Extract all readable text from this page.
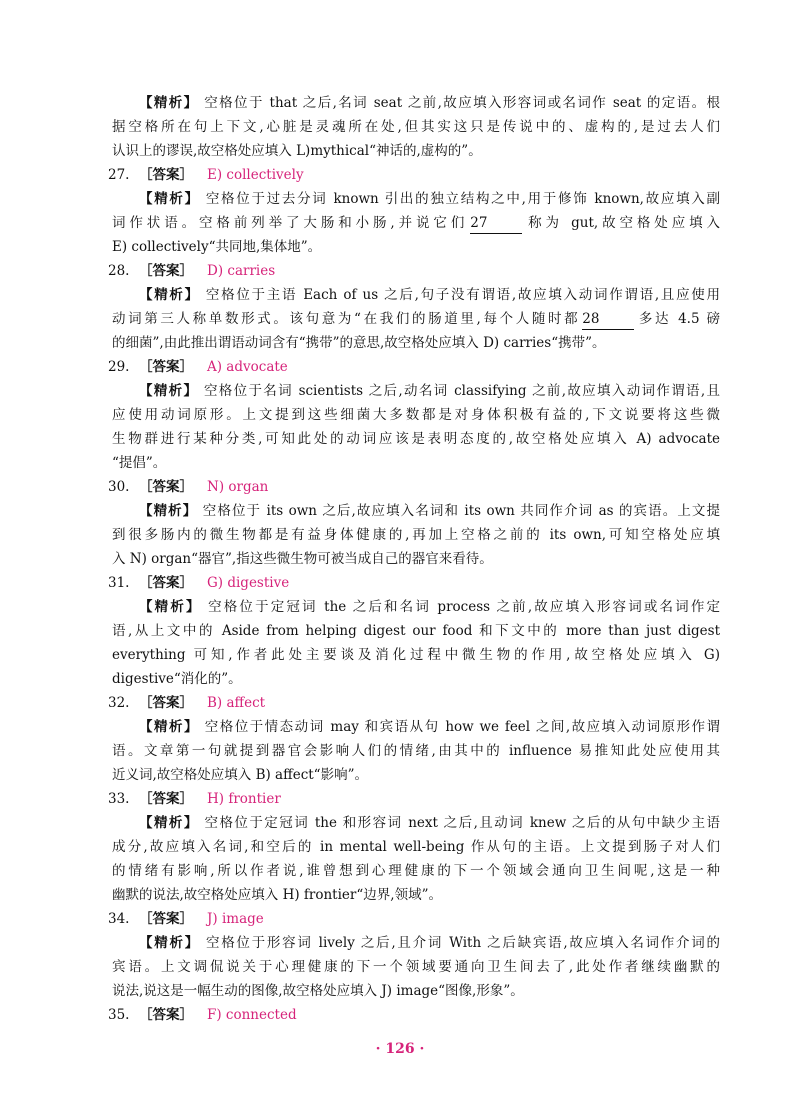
【精析】 空格位于 that 之后,名词 seat 之前,故应填入形容词或名词作 seat 的定语。根
据空格所在句上下文,心脏是灵魂所在处,但其实这只是传说中的、虚构的,是过去人们
认识上的谬误,故空格处应填入 L)mythical“神话的,虚构的”。
27. ［答案］ E) collectively
【精析】 空格位于过去分词 known 引出的独立结构之中,用于修饰 known,故应填入副
词作状语。空格前列举了大肠和小肠,并说它们 27	称为 gut,故空格处应填入
E) collectively“共同地,集体地”。
28. ［答案］ D) carries
【精析】 空格位于主语 Each of us 之后,句子没有谓语,故应填入动词作谓语,且应使用
动词第三人称单数形式。该句意为“在我们的肠道里,每个人随时都 28	多达 4.5 磅
的细菌”,由此推出谓语动词含有“携带”的意思,故空格处应填入 D) carries“携带”。
29. ［答案］ A) advocate
【精析】 空格位于名词 scientists 之后,动名词 classifying 之前,故应填入动词作谓语,且
应使用动词原形。上文提到这些细菌大多数都是对身体积极有益的,下文说要将这些微
生物群进行某种分类,可知此处的动词应该是表明态度的,故空格处应填入 A) advocate
“提倡”。
30. ［答案］ N) organ
【精析】 空格位于 its own 之后,故应填入名词和 its own 共同作介词 as 的宾语。上文提
到很多肠内的微生物都是有益身体健康的,再加上空格之前的 its own,可知空格处应填
入 N) organ“器官”,指这些微生物可被当成自己的器官来看待。
31. ［答案］ G) digestive
【精析】 空格位于定冠词 the 之后和名词 process 之前,故应填入形容词或名词作定
语,从上文中的 Aside from helping digest our food 和下文中的 more than just digest
everything 可知,作者此处主要谈及消化过程中微生物的作用,故空格处应填入 G)
digestive“消化的”。
32. ［答案］ B) affect
【精析】 空格位于情态动词 may 和宾语从句 how we feel 之间,故应填入动词原形作谓
语。文章第一句就提到器官会影响人们的情绪,由其中的 influence 易推知此处应使用其
近义词,故空格处应填入 B) affect“影响”。
33. ［答案］ H) frontier
【精析】 空格位于定冠词 the 和形容词 next 之后,且动词 knew 之后的从句中缺少主语
成分,故应填入名词,和空后的 in mental well-being 作从句的主语。上文提到肠子对人们
的情绪有影响,所以作者说,谁曾想到心理健康的下一个领域会通向卫生间呢,这是一种
幽默的说法,故空格处应填入 H) frontier“边界,领域”。
34. ［答案］ J) image
【精析】 空格位于形容词 lively 之后,且介词 With 之后缺宾语,故应填入名词作介词的
宾语。上文调侃说关于心理健康的下一个领域要通向卫生间去了,此处作者继续幽默的
说法,说这是一幅生动的图像,故空格处应填入 J) image“图像,形象”。
35. ［答案］ F) connected
· 126 ·
